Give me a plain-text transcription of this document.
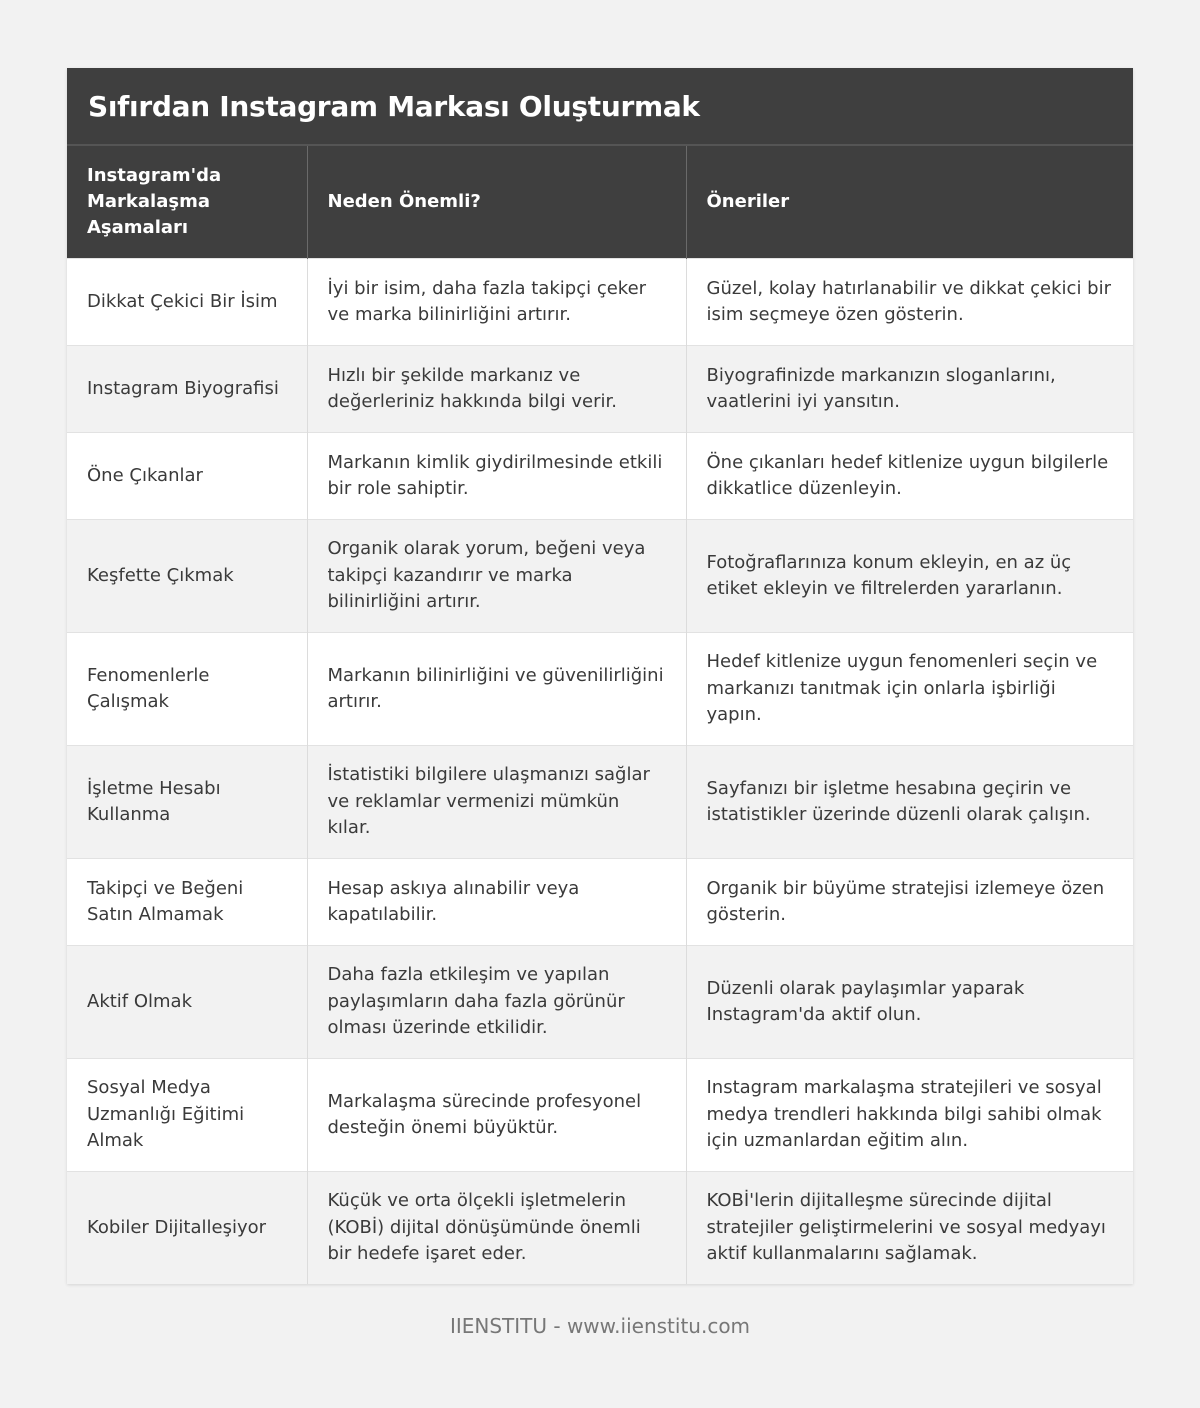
Sıfırdan Instagram Markası Oluşturmak
Instagram'da Markalaşma Aşamaları	Neden Önemli?	Öneriler
Dikkat Çekici Bir İsim	İyi bir isim, daha fazla takipçi çeker ve marka bilinirliğini artırır.	Güzel, kolay hatırlanabilir ve dikkat çekici bir isim seçmeye özen gösterin.
Instagram Biyografisi	Hızlı bir şekilde markanız ve değerleriniz hakkında bilgi verir.	Biyografinizde markanızın sloganlarını, vaatlerini iyi yansıtın.
Öne Çıkanlar	Markanın kimlik giydirilmesinde etkili bir role sahiptir.	Öne çıkanları hedef kitlenize uygun bilgilerle dikkatlice düzenleyin.
Keşfette Çıkmak	Organik olarak yorum, beğeni veya takipçi kazandırır ve marka bilinirliğini artırır.	Fotoğraflarınıza konum ekleyin, en az üç etiket ekleyin ve filtrelerden yararlanın.
Fenomenlerle Çalışmak	Markanın bilinirliğini ve güvenilirliğini artırır.	Hedef kitlenize uygun fenomenleri seçin ve markanızı tanıtmak için onlarla işbirliği yapın.
İşletme Hesabı Kullanma	İstatistiki bilgilere ulaşmanızı sağlar ve reklamlar vermenizi mümkün kılar.	Sayfanızı bir işletme hesabına geçirin ve istatistikler üzerinde düzenli olarak çalışın.
Takipçi ve Beğeni Satın Almamak	Hesap askıya alınabilir veya kapatılabilir.	Organik bir büyüme stratejisi izlemeye özen gösterin.
Aktif Olmak	Daha fazla etkileşim ve yapılan paylaşımların daha fazla görünür olması üzerinde etkilidir.	Düzenli olarak paylaşımlar yaparak Instagram'da aktif olun.
Sosyal Medya Uzmanlığı Eğitimi Almak	Markalaşma sürecinde profesyonel desteğin önemi büyüktür.	Instagram markalaşma stratejileri ve sosyal medya trendleri hakkında bilgi sahibi olmak için uzmanlardan eğitim alın.
Kobiler Dijitalleşiyor	Küçük ve orta ölçekli işletmelerin (KOBİ) dijital dönüşümünde önemli bir hedefe işaret eder.	KOBİ'lerin dijitalleşme sürecinde dijital stratejiler geliştirmelerini ve sosyal medyayı aktif kullanmalarını sağlamak.
IIENSTITU - www.iienstitu.com
